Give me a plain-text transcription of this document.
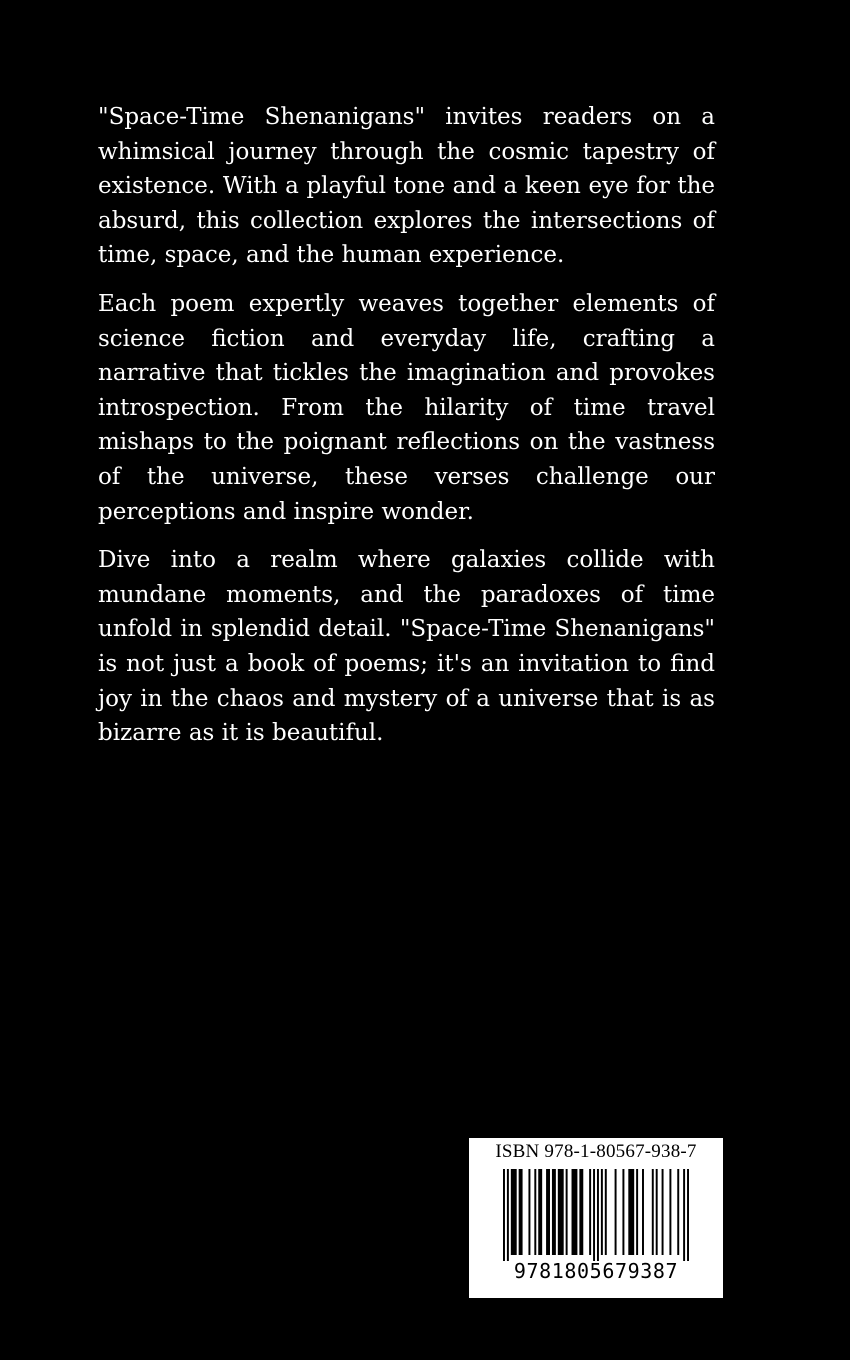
"Space-Time Shenanigans" invites readers on a whimsical journey through the cosmic tapestry of existence. With a playful tone and a keen eye for the absurd, this collection explores the intersections of time, space, and the human experience.

Each poem expertly weaves together elements of science fiction and everyday life, crafting a narrative that tickles the imagination and provokes introspection. From the hilarity of time travel mishaps to the poignant reflections on the vastness of the universe, these verses challenge our perceptions and inspire wonder.

Dive into a realm where galaxies collide with mundane moments, and the paradoxes of time unfold in splendid detail. "Space-Time Shenanigans" is not just a book of poems; it's an invitation to find joy in the chaos and mystery of a universe that is as bizarre as it is beautiful.

ISBN 978-1-80567-938-7
9781805679387
